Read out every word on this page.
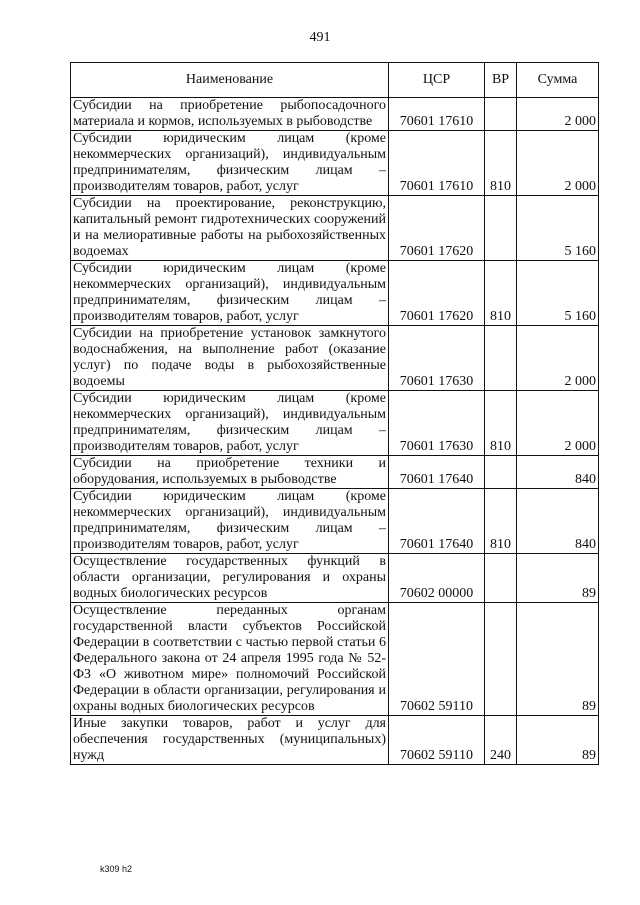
491
Наименование	ЦСР	ВР	Сумма
Субсидии на приобретение рыбопосадочного материала и кормов, используемых в рыбоводстве	70601 17610		2 000
Субсидии юридическим лицам (кроме некоммерческих организаций), индивидуальным предпринимателям, физическим лицам – производителям товаров, работ, услуг	70601 17610	810	2 000
Субсидии на проектирование, реконструкцию, капитальный ремонт гидротехнических сооружений и на мелиоративные работы на рыбохозяйственных водоемах	70601 17620		5 160
Субсидии юридическим лицам (кроме некоммерческих организаций), индивидуальным предпринимателям, физическим лицам – производителям товаров, работ, услуг	70601 17620	810	5 160
Субсидии на приобретение установок замкнутого водоснабжения, на выполнение работ (оказание услуг) по подаче воды в рыбохозяйственные водоемы	70601 17630		2 000
Субсидии юридическим лицам (кроме некоммерческих организаций), индивидуальным предпринимателям, физическим лицам – производителям товаров, работ, услуг	70601 17630	810	2 000
Субсидии на приобретение техники и оборудования, используемых в рыбоводстве	70601 17640		840
Субсидии юридическим лицам (кроме некоммерческих организаций), индивидуальным предпринимателям, физическим лицам – производителям товаров, работ, услуг	70601 17640	810	840
Осуществление государственных функций в области организации, регулирования и охраны водных биологических ресурсов	70602 00000		89
Осуществление переданных органам государственной власти субъектов Российской Федерации в соответствии с частью первой статьи 6 Федерального закона от 24 апреля 1995 года № 52-ФЗ «О животном мире» полномочий Российской Федерации в области организации, регулирования и охраны водных биологических ресурсов	70602 59110		89
Иные закупки товаров, работ и услуг для обеспечения государственных (муниципальных) нужд	70602 59110	240	89
k309 h2
